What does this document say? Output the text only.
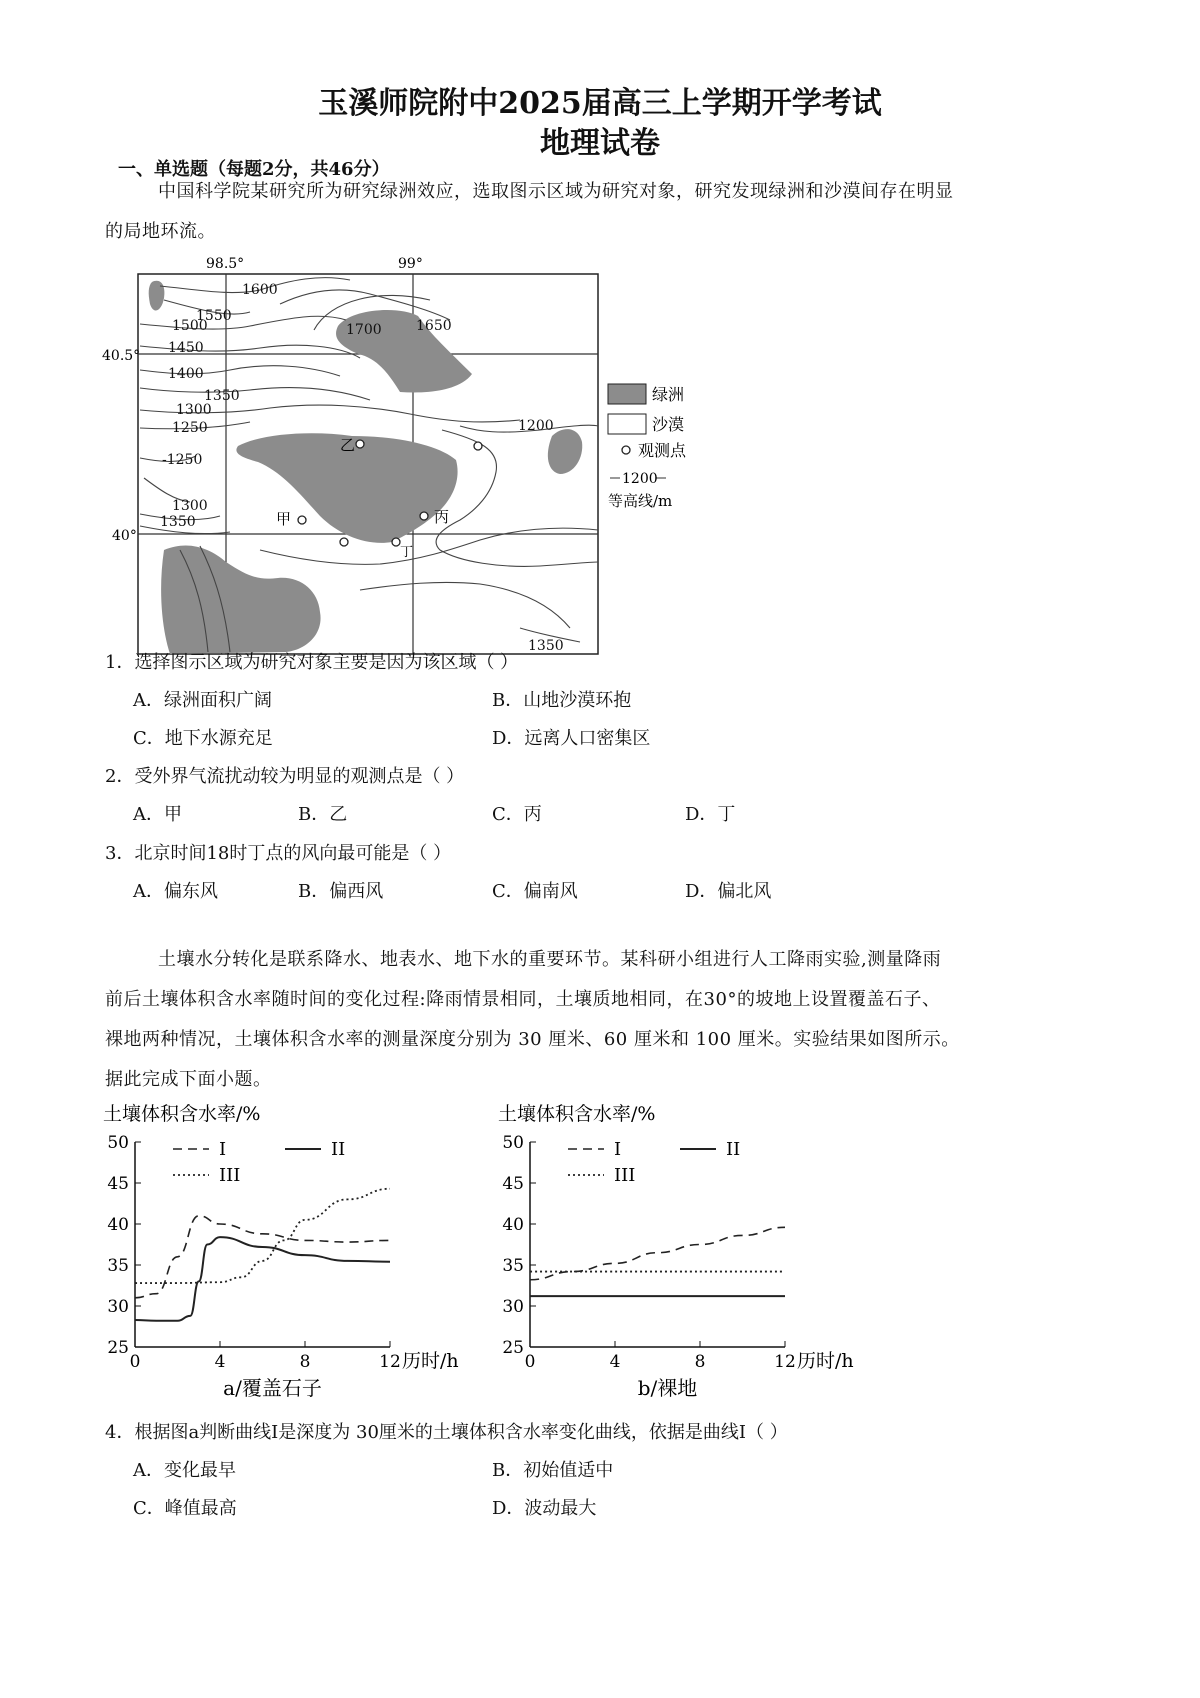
玉溪师院附中2025届高三上学期开学考试
地理试卷
一、单选题（每题2分，共46分）
中国科学院某研究所为研究绿洲效应，选取图示区域为研究对象，研究发现绿洲和沙漠间存在明显
的局地环流。
1600
1700 1650
1550
1500
1450
1400
1350
1300
1250	1200
-1250
1300
1350
1350
98.5°	99°
40.5°
40°
乙
甲	丙
丁
绿洲
沙漠
观测点
1200
等高线/m
1．选择图示区域为研究对象主要是因为该区域（ ）
A．绿洲面积广阔	B．山地沙漠环抱
C．地下水源充足	D．远离人口密集区
2．受外界气流扰动较为明显的观测点是（ ）
A．甲	B．乙	C．丙	D．丁
3．北京时间18时丁点的风向最可能是（ ）
A．偏东风	B．偏西风	C．偏南风	D．偏北风
土壤水分转化是联系降水、地表水、地下水的重要环节。某科研小组进行人工降雨实验,测量降雨
前后土壤体积含水率随时间的变化过程:降雨情景相同，土壤质地相同，在30°的坡地上设置覆盖石子、
裸地两种情况，土壤体积含水率的测量深度分别为 30 厘米、60 厘米和 100 厘米。实验结果如图所示。
据此完成下面小题。
土壤体积含水率/%
25
30
35
40
45
50
0	4	8	12 历时/h
a/覆盖石子
I	II
III
土壤体积含水率/%
25
30
35
40
45
50
0	4	8	12 历时/h
b/裸地
I	II
III
4．根据图a判断曲线I是深度为 30厘米的土壤体积含水率变化曲线，依据是曲线I（ ）
A．变化最早	B．初始值适中
C．峰值最高	D．波动最大
